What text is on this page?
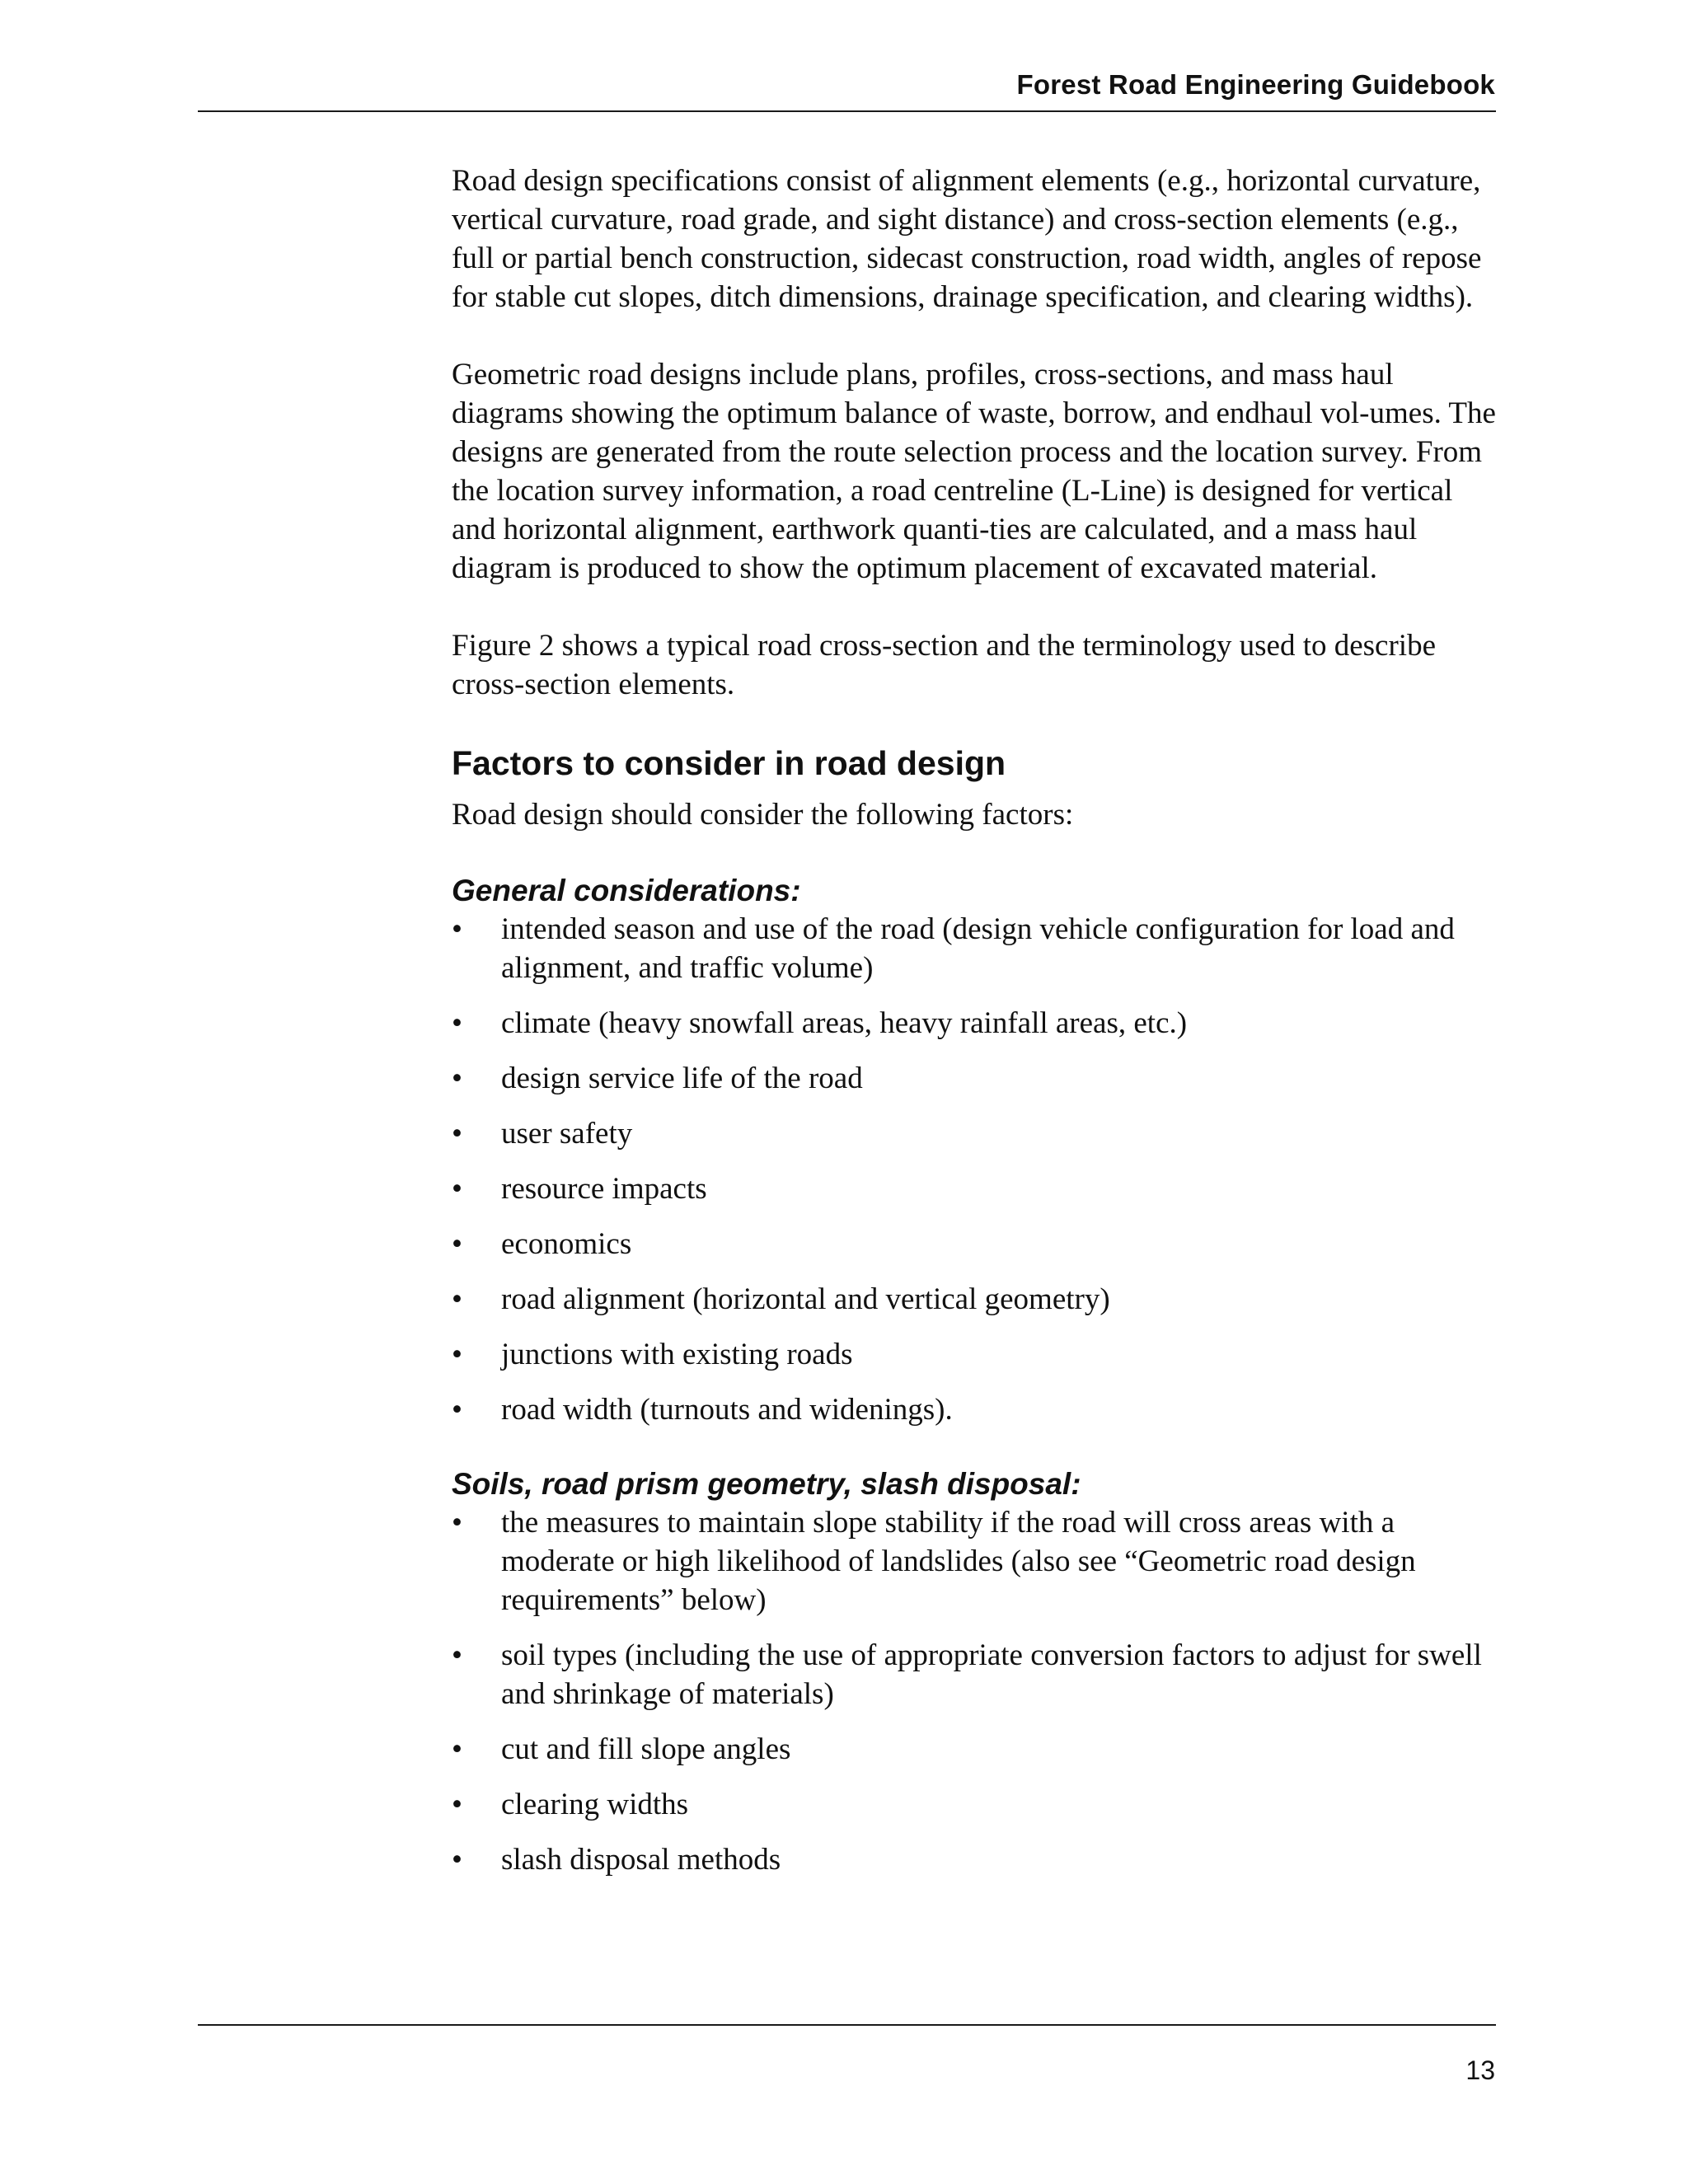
Forest Road Engineering Guidebook

Road design specifications consist of alignment elements (e.g., horizontal curvature, vertical curvature, road grade, and sight distance) and cross-section elements (e.g., full or partial bench construction, sidecast construction, road width, angles of repose for stable cut slopes, ditch dimensions, drainage specification, and clearing widths).

Geometric road designs include plans, profiles, cross-sections, and mass haul diagrams showing the optimum balance of waste, borrow, and endhaul vol-umes. The designs are generated from the route selection process and the location survey. From the location survey information, a road centreline (L-Line) is designed for vertical and horizontal alignment, earthwork quanti-ties are calculated, and a mass haul diagram is produced to show the optimum placement of excavated material.

Figure 2 shows a typical road cross-section and the terminology used to describe cross-section elements.

Factors to consider in road design

Road design should consider the following factors:

General considerations:
• intended season and use of the road (design vehicle configuration for load and alignment, and traffic volume)
• climate (heavy snowfall areas, heavy rainfall areas, etc.)
• design service life of the road
• user safety
• resource impacts
• economics
• road alignment (horizontal and vertical geometry)
• junctions with existing roads
• road width (turnouts and widenings).
Soils, road prism geometry, slash disposal:
• the measures to maintain slope stability if the road will cross areas with a moderate or high likelihood of landslides (also see “Geometric road design requirements” below)
• soil types (including the use of appropriate conversion factors to adjust for swell and shrinkage of materials)
• cut and fill slope angles
• clearing widths
• slash disposal methods
13
